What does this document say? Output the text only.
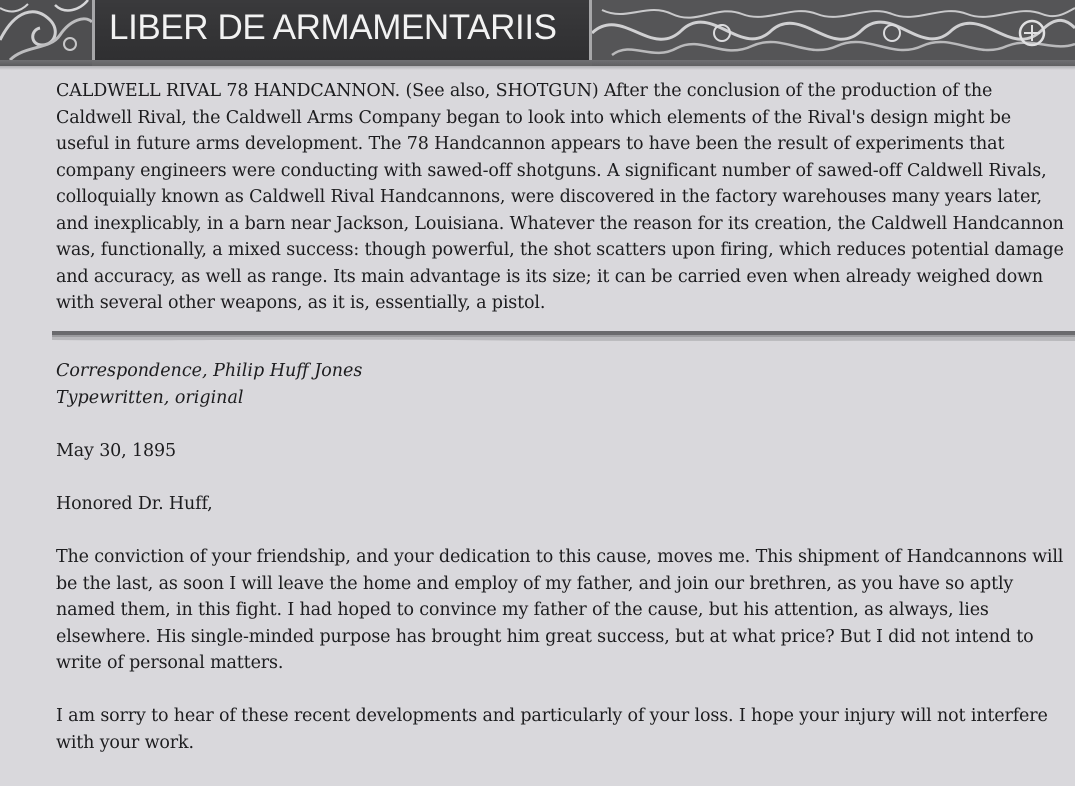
LIBER DE ARMAMENTARIIS
CALDWELL RIVAL 78 HANDCANNON. (See also, SHOTGUN) After the conclusion of the production of the Caldwell Rival, the Caldwell Arms Company began to look into which elements of the Rival's design might be useful in future arms development. The 78 Handcannon appears to have been the result of experiments that company engineers were conducting with sawed-off shotguns. A significant number of sawed-off Caldwell Rivals, colloquially known as Caldwell Rival Handcannons, were discovered in the factory warehouses many years later, and inexplicably, in a barn near Jackson, Louisiana. Whatever the reason for its creation, the Caldwell Handcannon was, functionally, a mixed success: though powerful, the shot scatters upon firing, which reduces potential damage and accuracy, as well as range. Its main advantage is its size; it can be carried even when already weighed down with several other weapons, as it is, essentially, a pistol.
Correspondence, Philip Huff Jones
Typewritten, original

May 30, 1895

Honored Dr. Huff,

The conviction of your friendship, and your dedication to this cause, moves me. This shipment of Handcannons will be the last, as soon I will leave the home and employ of my father, and join our brethren, as you have so aptly named them, in this fight. I had hoped to convince my father of the cause, but his attention, as always, lies elsewhere. His single-minded purpose has brought him great success, but at what price? But I did not intend to write of personal matters.

I am sorry to hear of these recent developments and particularly of your loss. I hope your injury will not interfere with your work.
